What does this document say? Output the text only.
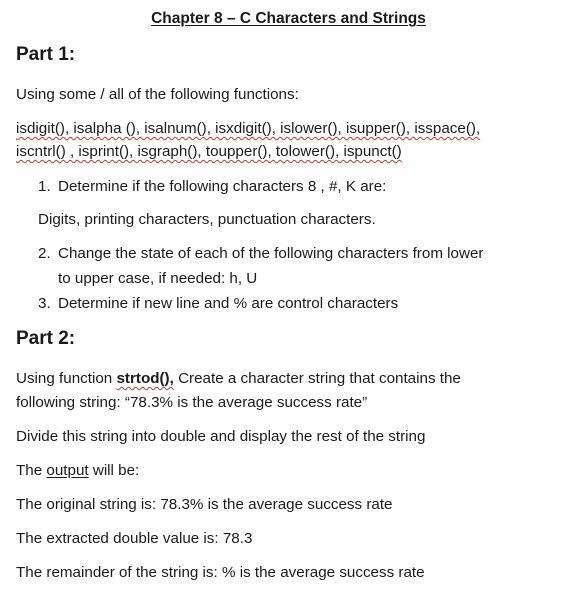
Chapter 8 – C Characters and Strings
Part 1:
Using some / all of the following functions:
isdigit(), isalpha (), isalnum(), isxdigit(), islower(), isupper(), isspace(),
iscntrl() , isprint(), isgraph(), toupper(), tolower(), ispunct()
1. Determine if the following characters 8 , #, K are:
Digits, printing characters, punctuation characters.
2. Change the state of each of the following characters from lower
to upper case, if needed: h, U
3. Determine if new line and % are control characters
Part 2:
Using function strtod(), Create a character string that contains the
following string: “78.3% is the average success rate”
Divide this string into double and display the rest of the string
The output will be:
The original string is: 78.3% is the average success rate
The extracted double value is: 78.3
The remainder of the string is: % is the average success rate
